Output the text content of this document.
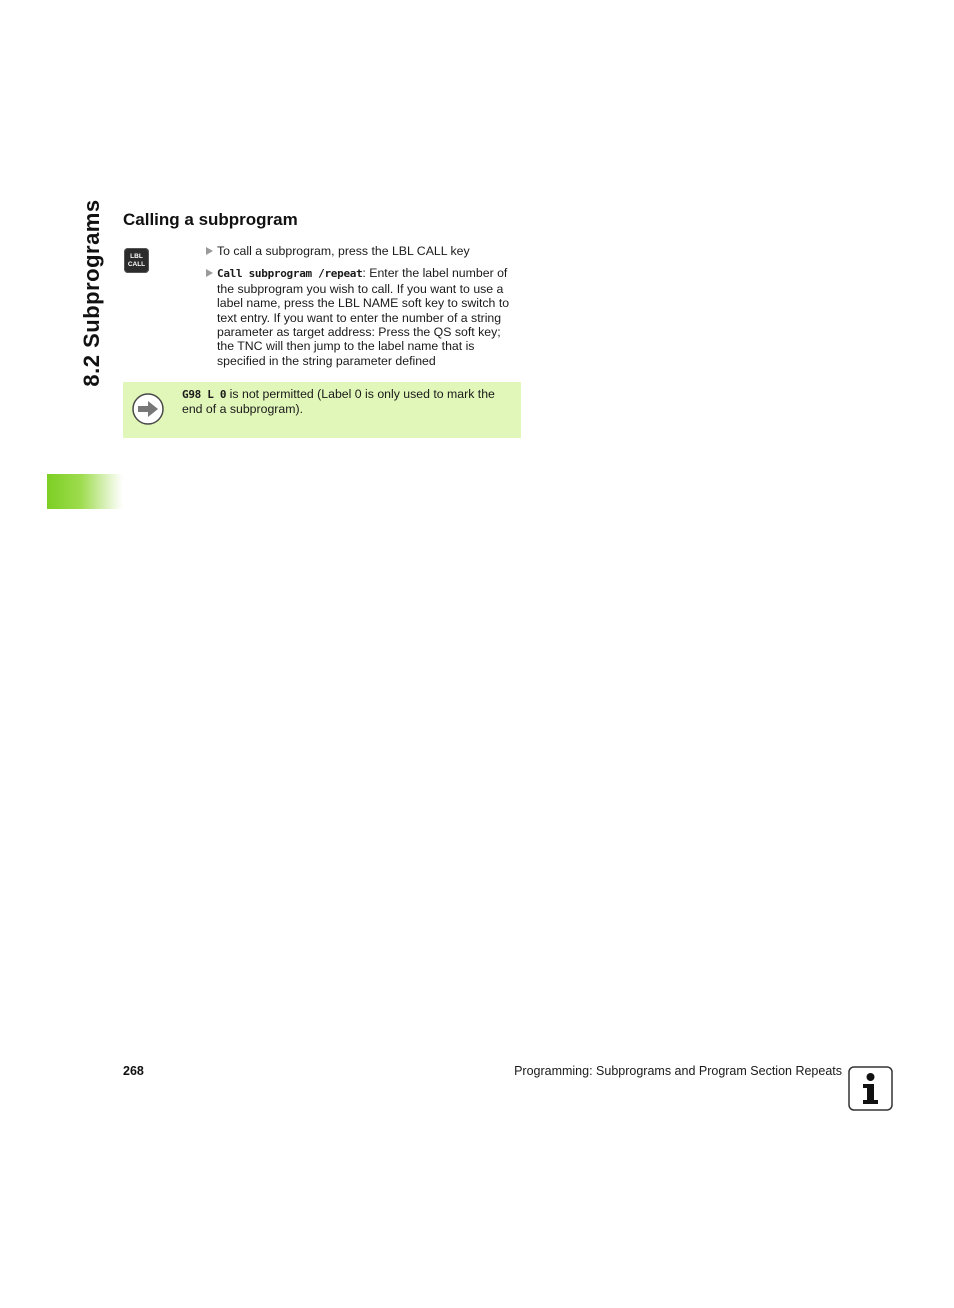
8.2 Subprograms Calling a subprogram
LBL
CALL
To call a subprogram, press the LBL CALL key
Call subprogram /repeat: Enter the label number of the subprogram you wish to call. If you want to use a label name, press the LBL NAME soft key to switch to text entry. If you want to enter the number of a string parameter as target address: Press the QS soft key; the TNC will then jump to the label name that is specified in the string parameter defined
G98 L 0 is not permitted (Label 0 is only used to mark the end of a subprogram).
268	Programming: Subprograms and Program Section Repeats
